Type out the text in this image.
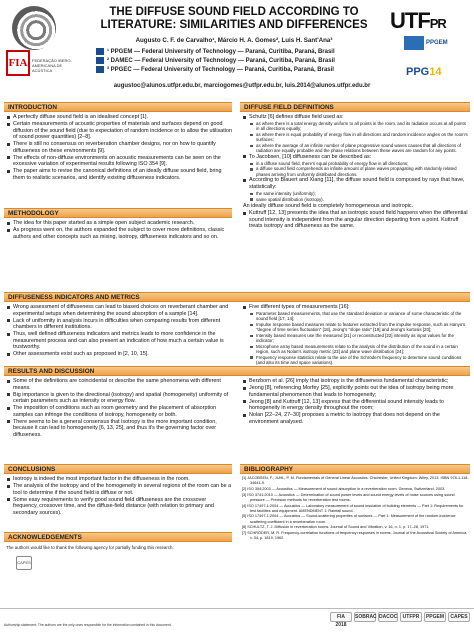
FIA	FEDERAÇÃO IBERO-AMERICANA DE ACÚSTICA
THE DIFFUSE SOUND FIELD ACCORDING TO
LITERATURE: SIMILARITIES AND DIFFERENCES
Augusto C. F. de Carvalho¹, Márcio H. A. Gomes², Luis H. Sant'Ana³
¹ PPGEM — Federal University of Technology — Paraná, Curitiba, Paraná, Brasil
² DAMEC — Federal University of Technology — Paraná, Curitiba, Paraná, Brasil
³ PPGEC — Federal University of Technology — Paraná, Curitiba, Paraná, Brasil
augustoc@alunos.utfpr.edu.br, marciogomes@utfpr.edu.br, luis.2014@alunos.utfpr.edu.br
UTFPR
PPGEM
PPG14
INTRODUCTION
A perfectly diffuse sound field is an idealised concept [1].
Certain measurements of acoustic properties of materials and surfaces depend on good diffusion of the sound field (due to expectation of random incidence or to allow the utilisation of sound power quantities) [2–8].
There is still no consensus on reverberation chamber designs, nor on how to quantify diffuseness on these environments [9].
The effects of non-diffuse environments on acoustic measurements can be seen on the excessive variation of experimental results following ISO 354 [9].
The paper aims to revise the canonical definitions of an ideally diffuse sound field, bring them to realistic scenarios, and identify existing diffuseness indicators.
METHODOLOGY
The idea for this paper started as a simple open subject academic research.
As progress went on, the authors expanded the subject to cover more definitions, classic authors and other concepts such as mixing, isotropy, diffuseness indicators and so on.
DIFFUSE FIELD DEFINITIONS
Schultz [6] defines diffuse field used as:
as where there is a total energy density uniform to all points in the room, and its radiation occurs at all points in all directions equally;
as where there is equal probability of energy flow in all directions and random incidence angles on the room's surfaces;
as where the average of an infinite number of plane progressive sound waves causes that all directions of radiation are equally probable and the phase relations between these waves are random for any points.
To Jacobsen, [10] diffuseness can be described as:
in a diffuse sound field, there's equal probability of energy flow in all directions;
a diffuse sound field comprehends an infinite amount of plane waves propagating with randomly related phases arriving from uniformly distributed directions.
According to Blauert and Xiang [11], the diffuse sound field is composed by rays that have, statistically:
the same intensity (uniformity);
same spatial distribution (isotropy).
An ideally diffuse sound field is completely homogeneous and isotropic.
Kuttruff [12, 13] presents the idea that an isotropic sound field happens when the differential sound intensity is independent from the angular direction departing from a point. Kuttruff treats isotropy and diffuseness as the same.
DIFFUSENESS INDICATORS AND METRICS
Wrong assessment of diffuseness can lead to biased choices on reverberant chamber and experimental setups when determining the sound absorption of a sample [14].
Lack of uniformity in analysis incurs in difficulties when comparing results from different chambers in different institutions.
Thus, well defined diffuseness indicators and metrics leads to more confidence in the measurement process and can also present an indication of how much a certain value is trustworthy.
Other assessments exist such as proposed in [2, 10, 15].
Five different types of measurements [16]:
Parameter based measurements, that use the standard deviation or variance of some characteristic of the sound field [17, 14];
Impulse response based measures relate to features extracted from the impulse response, such as Hanyu's "degree of time series fluctuation" [18], Jeong's "slope ratio" [19] and Jeong's kurtosis [20];
Intensity based measures use the measured [21] or reconstructed [22] intensity as input values for the indicator;
Microphone array based measurements relate to the analysis of the distribution of the sound in a certain region, such as Nolan's isotropy metric [23] and plane wave distribution [24];
Frequency response statistics relate to the use of the Schröder's frequency to determine sound conditions (and also its time and space variations).
RESULTS AND DISCUSSION
Some of the definitions are coincidental or describe the same phenomena with different means.
Big importance is given to the directional (isotropy) and spatial (homogeneity) uniformity of certain parameters such as intensity or energy flow.
The imposition of conditions such as room geometry and the placement of absorption samples can infringe the conditions of isotropy, homogeneity or both.
There seems to be a general consensus that isotropy is the more important condition, because it can lead to homogeneity [6, 13, 25], and thus it's the governing factor over diffuseness.
Berzborn et al. [26] imply that isotropy is the diffuseness fundamental characteristic;
Jeong [8], referencing Morfey [25], explicitly points out the idea of isotropy being more fundamental phenomenon that leads to homogeneity;
Jeong [8] and Kuttruff [12, 13] express that the differential sound intensity leads to homogeneity in energy density throughout the room;
Nolan [22–24, 27–30] proposes a metric to isotropy that does not depend on the environment analysed.
CONCLUSIONS
Isotropy is indeed the most important factor in the diffuseness in the room.
The analysis of the isotropy and of the homogeneity in several regions of the room can be a tool to determine if the sound field is diffuse or not.
Some easy requirements to verify good sound field diffuseness are the crossover frequency, crossover time, and the diffuse-field distance (with relation to primary and secondary sources).
ACKNOWLEDGEMENTS
The authors would like to thank the following agency for partially funding this research:
CAPES
BIBLIOGRAPHY
[1] JACOBSEN, F.; JUHL, P. M. Fundamentals of General Linear Acoustics. Chichester, United Kingdom: Wiley, 2013. ISBN 978-1-118-34641-9.
[2] ISO 354:2003 — Acoustics — Measurement of sound absorption in a reverberation room. Geneva, Switzerland, 2003.
[3] ISO 3741:2010 — Acoustics — Determination of sound power levels and sound energy levels of noise sources using sound pressure — Precision methods for reverberation test rooms.
[4] ISO 17497-1:2004 — Acoustics — Laboratory measurement of sound insulation of building elements — Part 1: Requirements for test facilities and equipment. AMENDMENT 1: Rainfall sound.
[5] ISO 17497-1:2004 — Acoustics — Sound-scattering properties of surfaces — Part 1: Measurement of the random-incidence scattering coefficient in a reverberation room.
[6] SCHULTZ, T. J. Diffusion in reverberation rooms. Journal of Sound and Vibration, v. 16, n. 1, p. 17–28, 1971.
[7] SCHRÖDER, M. R. Frequency-correlation functions of frequency responses in rooms. Journal of the Acoustical Society of America, v. 34, p. 1819, 1962.
FIA 2018
SOBRAC DACOC	UTFPR	PPGEM	CAPES
Authorship statement: The authors are the only ones responsible for the information contained in this document.
